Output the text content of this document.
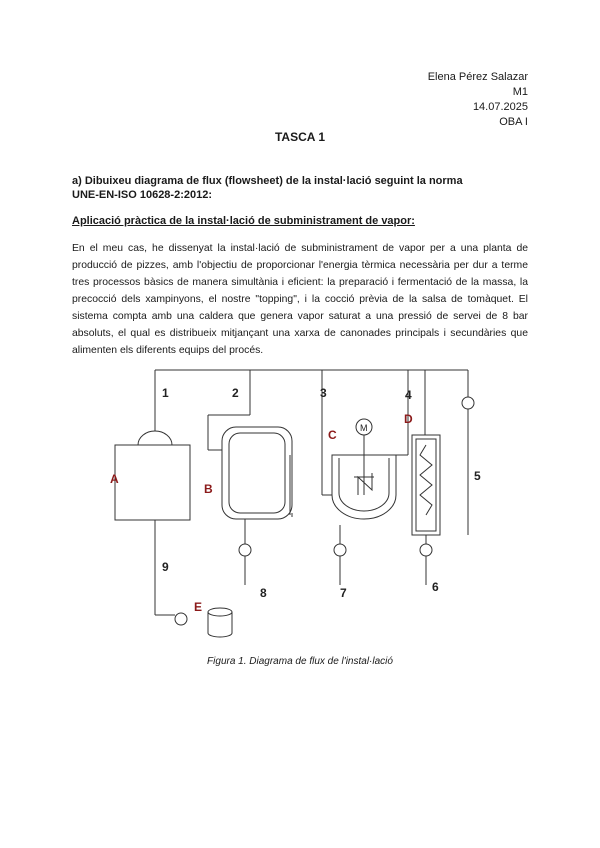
Elena Pérez Salazar
M1
14.07.2025
OBA I
TASCA 1
a) Dibuixeu diagrama de flux (flowsheet) de la instal·lació seguint la norma
UNE-EN-ISO 10628-2:2012:
Aplicació pràctica de la instal·lació de subministrament de vapor:
En el meu cas, he dissenyat la instal·lació de subministrament de vapor per a una planta de producció de pizzes, amb l'objectiu de proporcionar l'energia tèrmica necessària per dur a terme tres processos bàsics de manera simultània i eficient: la preparació i fermentació de la massa, la precocció dels xampinyons, el nostre "topping", i la cocció prèvia de la salsa de tomàquet. El sistema compta amb una caldera que genera vapor saturat a una pressió de servei de 8 bar absoluts, el qual es distribueix mitjançant una xarxa de canonades principals i secundàries que alimenten els diferents equips del procés.
A
B
C
D
E
1	2	3	4
5
6
7
8
9
M
Figura 1. Diagrama de flux de l'instal·lació
